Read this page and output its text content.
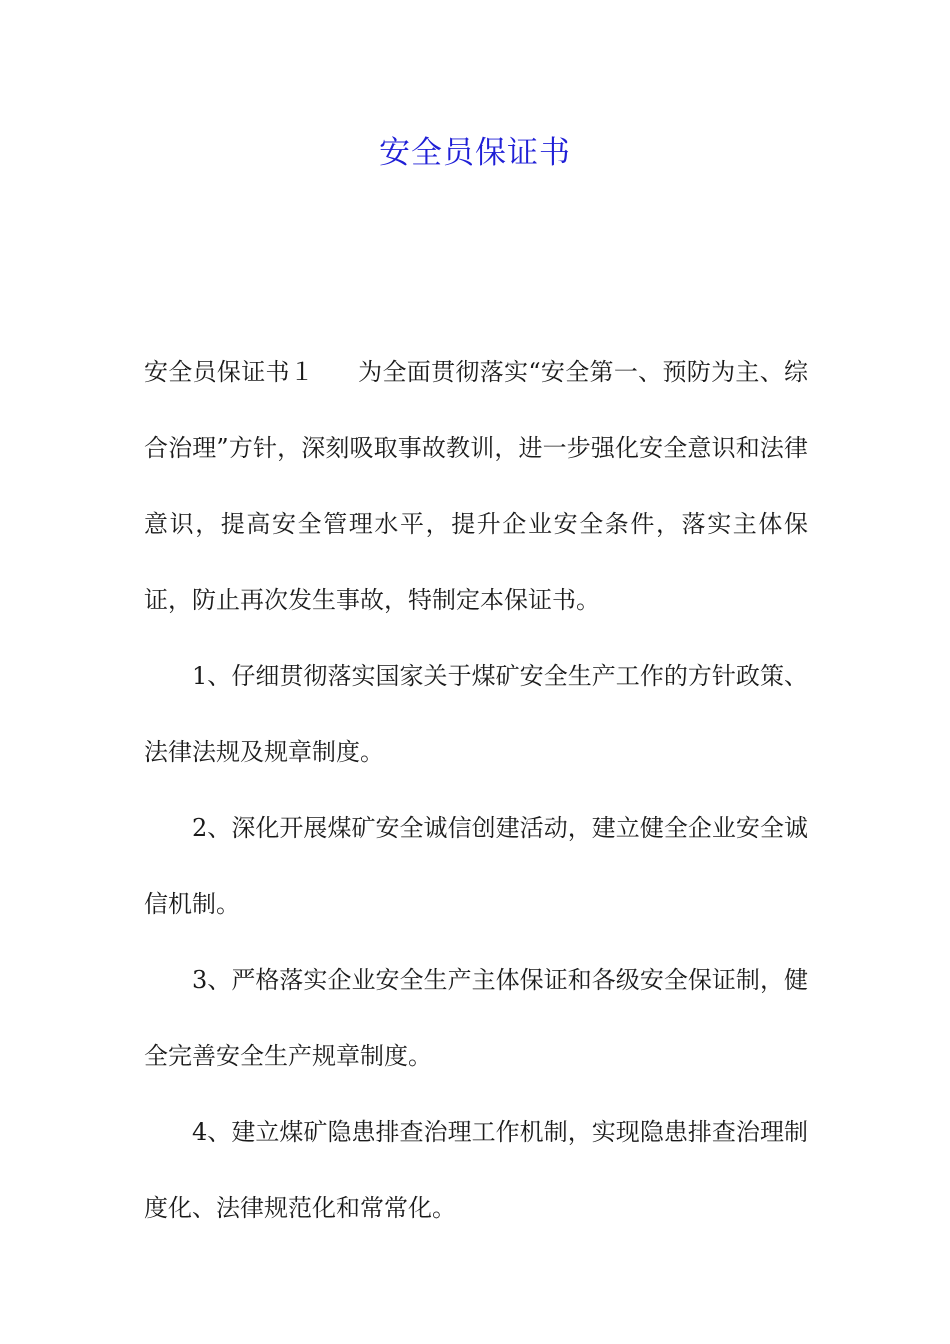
安全员保证书

安全员保证书１ 为全面贯彻落实“安全第一、预防为主、综合治理”方针，深刻吸取事故教训，进一步强化安全意识和法律意识，提高安全管理水平，提升企业安全条件，落实主体保证，防止再次发生事故，特制定本保证书。

1、仔细贯彻落实国家关于煤矿安全生产工作的方针政策、法律法规及规章制度。

2、深化开展煤矿安全诚信创建活动，建立健全企业安全诚信机制。

3、严格落实企业安全生产主体保证和各级安全保证制，健全完善安全生产规章制度。

4、建立煤矿隐患排查治理工作机制，实现隐患排查治理制度化、法律规范化和常常化。
